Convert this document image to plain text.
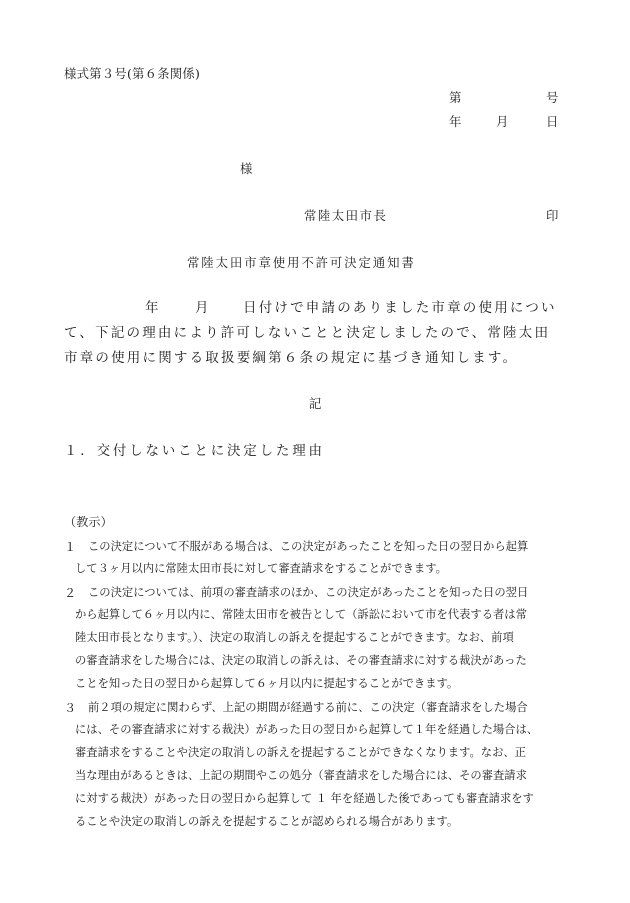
様式第３号(第６条関係)
第	号
年	月	日
様
常陸太田市長	印
常陸太田市章使用不許可決定通知書
年	月 日付けで申請のありました市章の使用につい
て、下記の理由により許可しないことと決定しましたので、常陸太田
市章の使用に関する取扱要綱第６条の規定に基づき通知します。
記
１．交付しないことに決定した理由
（教示）
１ この決定について不服がある場合は、この決定があったことを知った日の翌日から起算
して３ヶ月以内に常陸太田市長に対して審査請求をすることができます。
２ この決定については、前項の審査請求のほか、この決定があったことを知った日の翌日
から起算して６ヶ月以内に、常陸太田市を被告として（訴訟において市を代表する者は常
陸太田市長となります。）、決定の取消しの訴えを提起することができます。なお、前項
の審査請求をした場合には、決定の取消しの訴えは、その審査請求に対する裁決があった
ことを知った日の翌日から起算して６ヶ月以内に提起することができます。
３ 前２項の規定に関わらず、上記の期間が経過する前に、この決定（審査請求をした場合
には、その審査請求に対する裁決）があった日の翌日から起算して１年を経過した場合は、
審査請求をすることや決定の取消しの訴えを提起することができなくなります。なお、正
当な理由があるときは、上記の期間やこの処分（審査請求をした場合には、その審査請求
に対する裁決）があった日の翌日から起算して １ 年を経過した後であっても審査請求をす
ることや決定の取消しの訴えを提起することが認められる場合があります。
